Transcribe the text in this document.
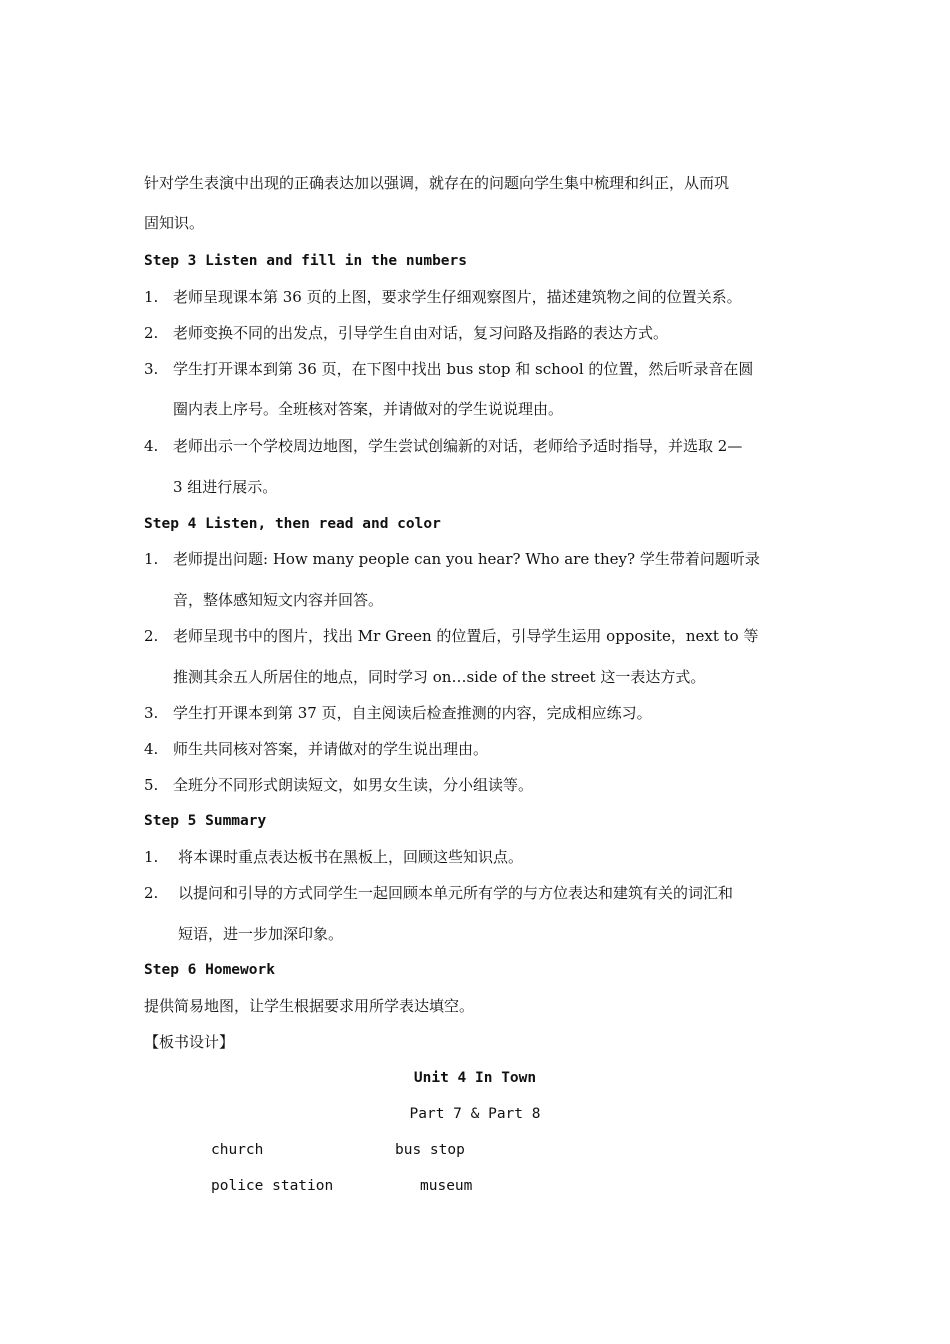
针对学生表演中出现的正确表达加以强调，就存在的问题向学生集中梳理和纠正，从而巩
固知识。
Step 3 Listen and fill in the numbers
1. 老师呈现课本第 36 页的上图，要求学生仔细观察图片，描述建筑物之间的位置关系。
2. 老师变换不同的出发点，引导学生自由对话，复习问路及指路的表达方式。
3. 学生打开课本到第 36 页，在下图中找出 bus stop 和 school 的位置，然后听录音在圆
圈内表上序号。全班核对答案，并请做对的学生说说理由。
4. 老师出示一个学校周边地图，学生尝试创编新的对话，老师给予适时指导，并选取 2—
3 组进行展示。
Step 4 Listen, then read and color
1. 老师提出问题: How many people can you hear? Who are they? 学生带着问题听录
音，整体感知短文内容并回答。
2. 老师呈现书中的图片，找出 Mr Green 的位置后，引导学生运用 opposite，next to 等
推测其余五人所居住的地点，同时学习 on…side of the street 这一表达方式。
3. 学生打开课本到第 37 页，自主阅读后检查推测的内容，完成相应练习。
4. 师生共同核对答案，并请做对的学生说出理由。
5. 全班分不同形式朗读短文，如男女生读，分小组读等。
Step 5 Summary
1. 将本课时重点表达板书在黑板上，回顾这些知识点。
2. 以提问和引导的方式同学生一起回顾本单元所有学的与方位表达和建筑有关的词汇和
短语，进一步加深印象。
Step 6 Homework
提供简易地图，让学生根据要求用所学表达填空。
【板书设计】
Unit 4 In Town
Part 7 & Part 8
church	bus stop
police station	museum
